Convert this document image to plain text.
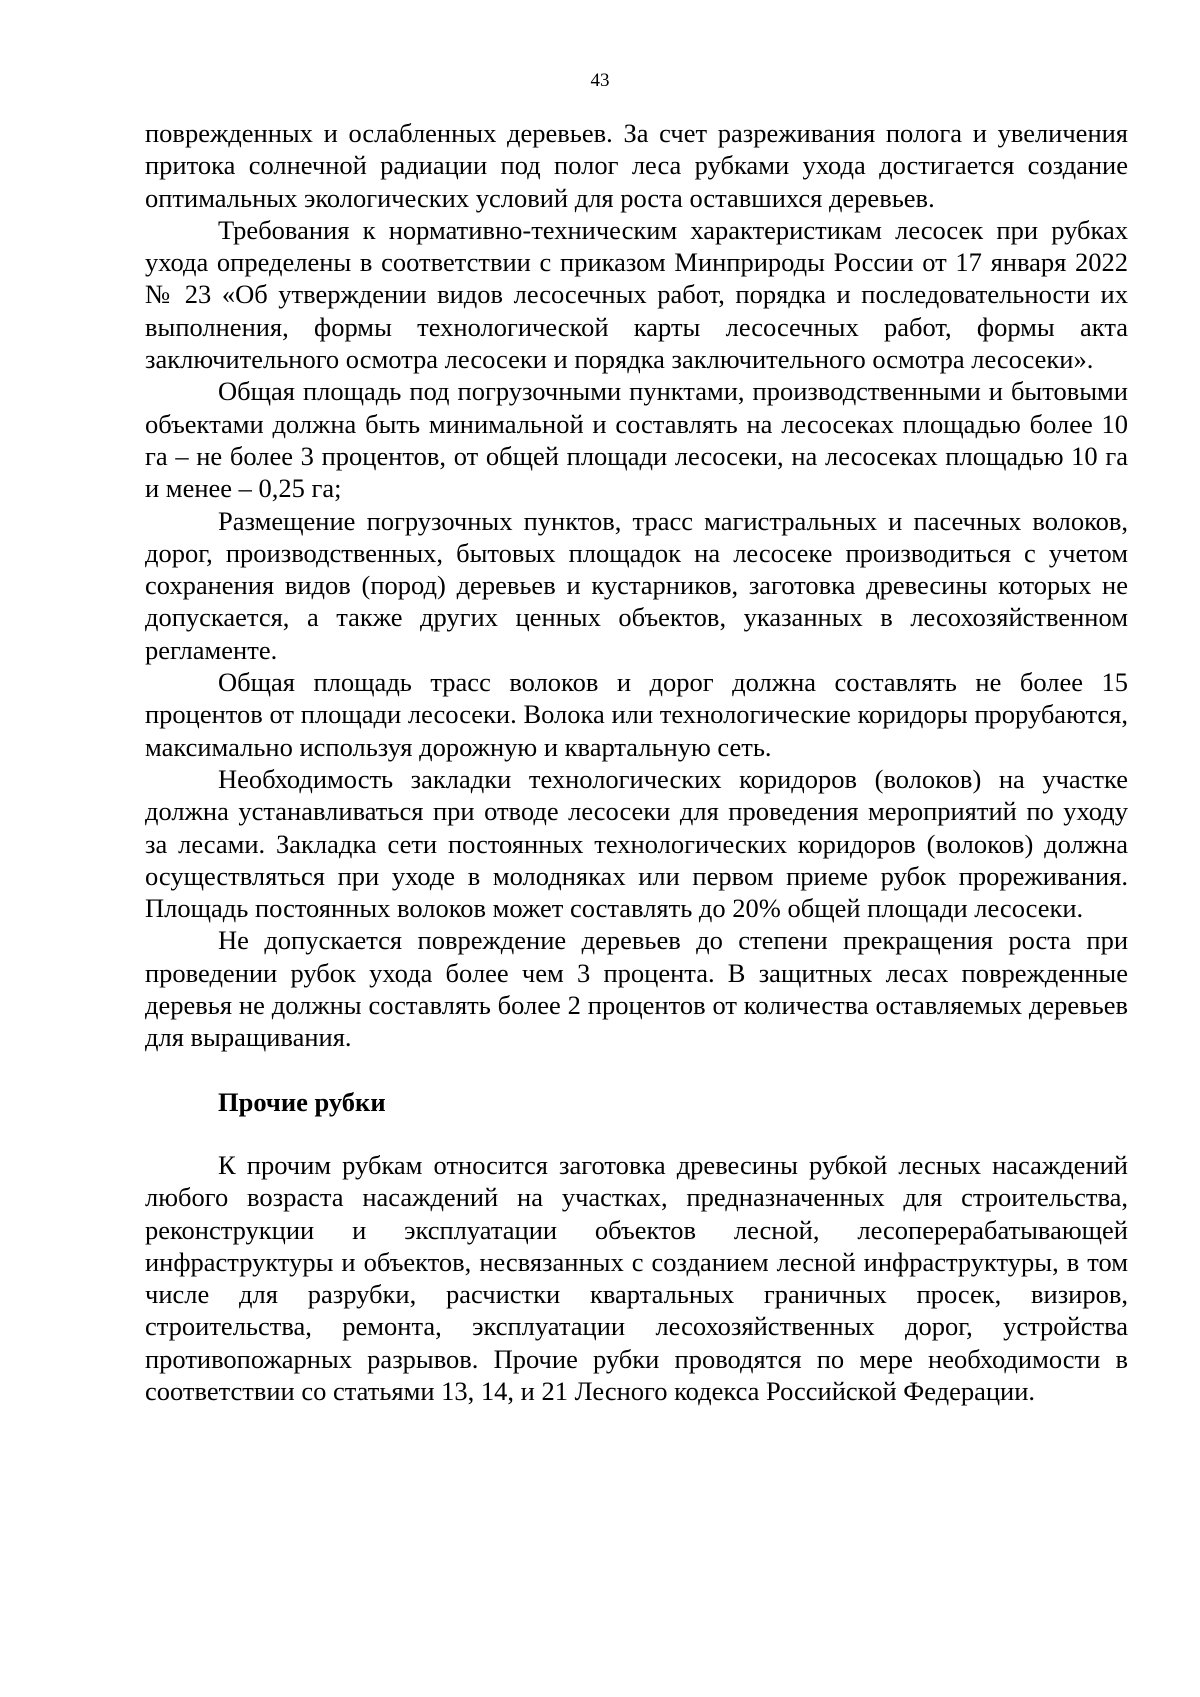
43

поврежденных и ослабленных деревьев. За счет разреживания полога и увеличения притока солнечной радиации под полог леса рубками ухода достигается создание оптимальных экологических условий для роста оставшихся деревьев.

Требования к нормативно-техническим характеристикам лесосек при рубках ухода определены в соответствии с приказом Минприроды России от 17 января 2022 № 23 «Об утверждении видов лесосечных работ, порядка и последовательности их выполнения, формы технологической карты лесосечных работ, формы акта заключительного осмотра лесосеки и порядка заключительного осмотра лесосеки».

Общая площадь под погрузочными пунктами, производственными и бытовыми объектами должна быть минимальной и составлять на лесосеках площадью более 10 га – не более 3 процентов, от общей площади лесосеки, на лесосеках площадью 10 га и менее – 0,25 га;

Размещение погрузочных пунктов, трасс магистральных и пасечных волоков, дорог, производственных, бытовых площадок на лесосеке производиться с учетом сохранения видов (пород) деревьев и кустарников, заготовка древесины которых не допускается, а также других ценных объектов, указанных в лесохозяйственном регламенте.

Общая площадь трасс волоков и дорог должна составлять не более 15 процентов от площади лесосеки. Волока или технологические коридоры прорубаются, максимально используя дорожную и квартальную сеть.

Необходимость закладки технологических коридоров (волоков) на участке должна устанавливаться при отводе лесосеки для проведения мероприятий по уходу за лесами. Закладка сети постоянных технологических коридоров (волоков) должна осуществляться при уходе в молодняках или первом приеме рубок прореживания. Площадь постоянных волоков может составлять до 20% общей площади лесосеки.

Не допускается повреждение деревьев до степени прекращения роста при проведении рубок ухода более чем 3 процента. В защитных лесах поврежденные деревья не должны составлять более 2 процентов от количества оставляемых деревьев для выращивания.

Прочие рубки

К прочим рубкам относится заготовка древесины рубкой лесных насаждений любого возраста насаждений на участках, предназначенных для строительства, реконструкции и эксплуатации объектов лесной, лесоперерабатывающей инфраструктуры и объектов, несвязанных с созданием лесной инфраструктуры, в том числе для разрубки, расчистки квартальных граничных просек, визиров, строительства, ремонта, эксплуатации лесохозяйственных дорог, устройства противопожарных разрывов. Прочие рубки проводятся по мере необходимости в соответствии со статьями 13, 14, и 21 Лесного кодекса Российской Федерации.
